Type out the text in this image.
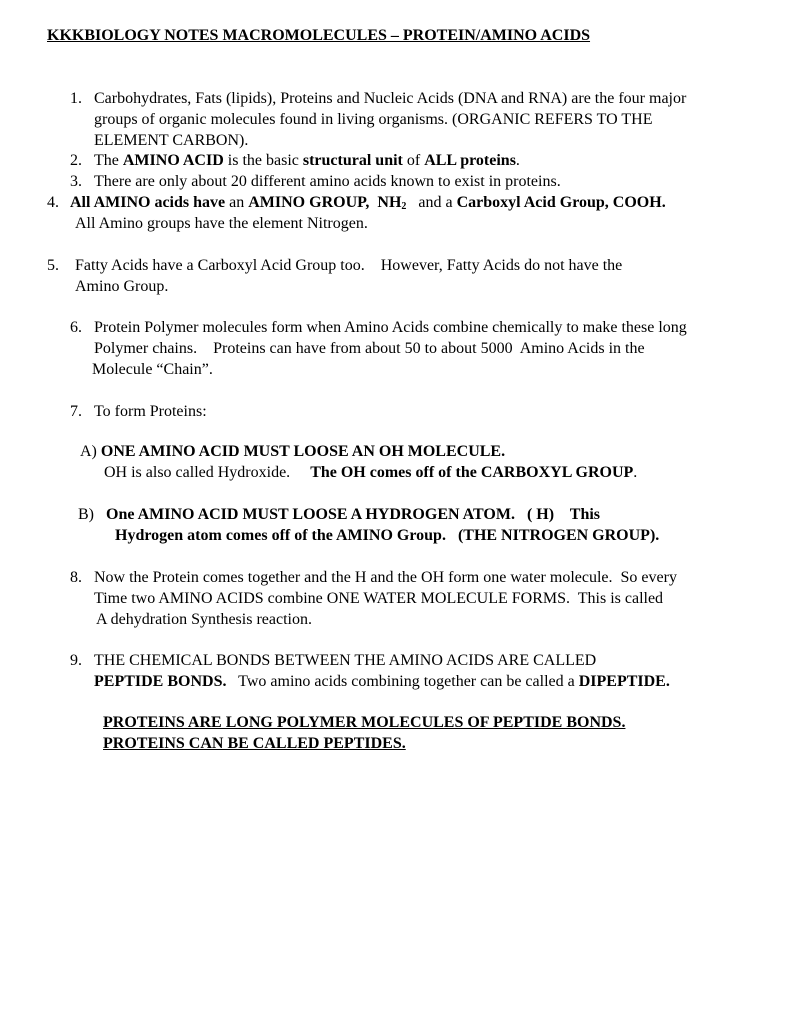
KKKBIOLOGY NOTES MACROMOLECULES – PROTEIN/AMINO ACIDS
1. Carbohydrates, Fats (lipids), Proteins and Nucleic Acids (DNA and RNA) are the four major
groups of organic molecules found in living organisms. (ORGANIC REFERS TO THE
ELEMENT CARBON).
2. The AMINO ACID is the basic structural unit of ALL proteins.
3. There are only about 20 different amino acids known to exist in proteins.
4. All AMINO acids have an AMINO GROUP,  $NH_2$   and a Carboxyl Acid Group, COOH.
All Amino groups have the element Nitrogen.
5. Fatty Acids have a Carboxyl Acid Group too.    However, Fatty Acids do not have the
Amino Group.
6. Protein Polymer molecules form when Amino Acids combine chemically to make these long
Polymer chains.    Proteins can have from about 50 to about 5000  Amino Acids in the
Molecule “Chain”.
7. To form Proteins:
A) ONE AMINO ACID MUST LOOSE AN OH MOLECULE.
OH is also called Hydroxide.     The OH comes off of the CARBOXYL GROUP.
B)   One AMINO ACID MUST LOOSE A HYDROGEN ATOM.   ( H)    This
Hydrogen atom comes off of the AMINO Group.   (THE NITROGEN GROUP).
8. Now the Protein comes together and the H and the OH form one water molecule.  So every
Time two AMINO ACIDS combine ONE WATER MOLECULE FORMS.  This is called
A dehydration Synthesis reaction.
9. THE CHEMICAL BONDS BETWEEN THE AMINO ACIDS ARE CALLED
PEPTIDE BONDS.   Two amino acids combining together can be called a DIPEPTIDE.
PROTEINS ARE LONG POLYMER MOLECULES OF PEPTIDE BONDS.
PROTEINS CAN BE CALLED PEPTIDES.
